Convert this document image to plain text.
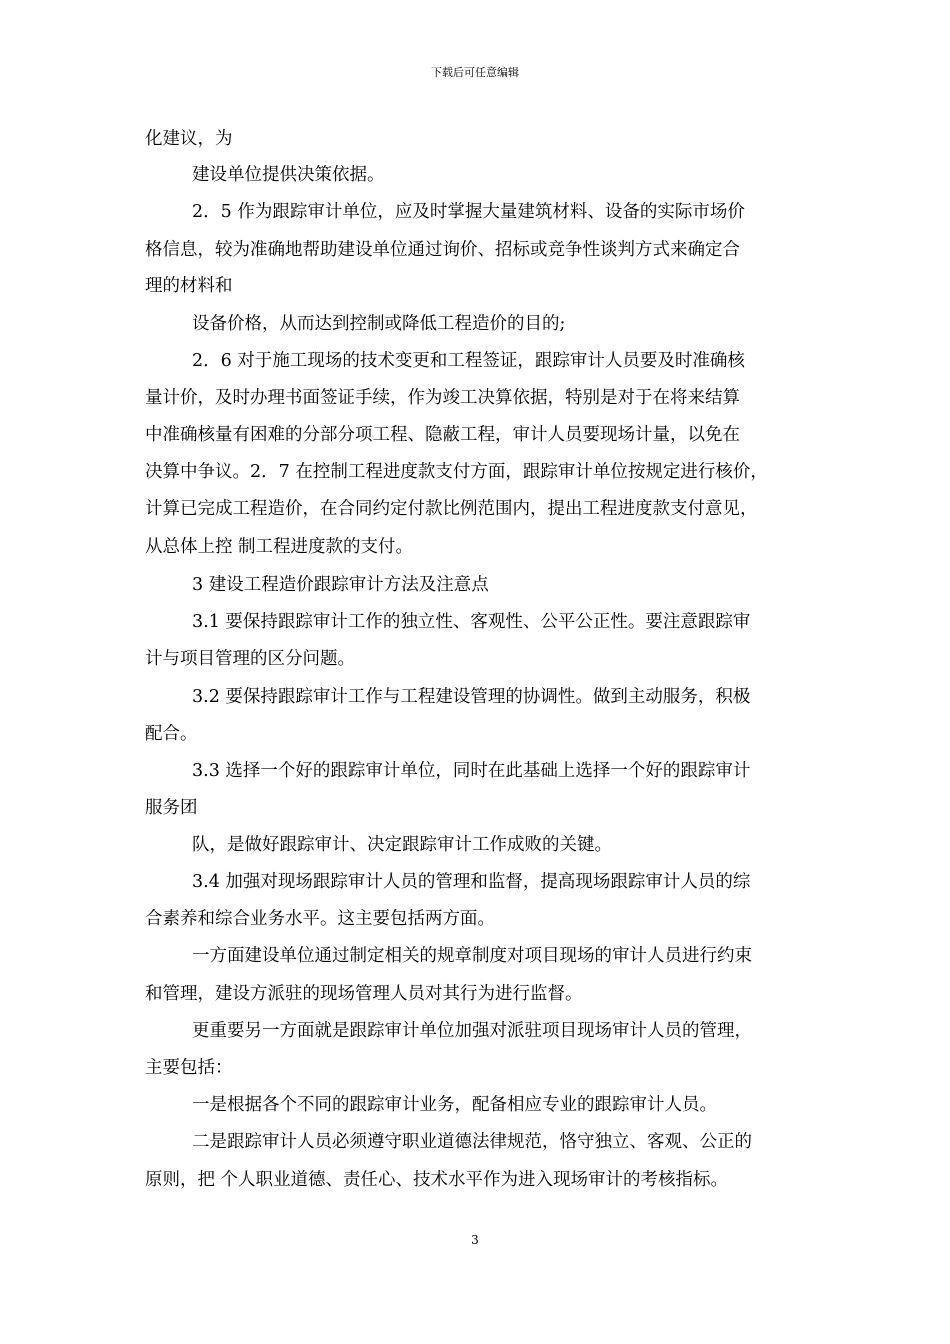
下载后可任意编辑
化建议，为
建设单位提供决策依据。
2．5 作为跟踪审计单位，应及时掌握大量建筑材料、设备的实际市场价
格信息，较为准确地帮助建设单位通过询价、招标或竞争性谈判方式来确定合
理的材料和
设备价格，从而达到控制或降低工程造价的目的;
2．6 对于施工现场的技术变更和工程签证，跟踪审计人员要及时准确核
量计价，及时办理书面签证手续，作为竣工决算依据，特别是对于在将来结算
中准确核量有困难的分部分项工程、隐蔽工程，审计人员要现场计量，以免在
决算中争议。2．7 在控制工程进度款支付方面，跟踪审计单位按规定进行核价，
计算已完成工程造价，在合同约定付款比例范围内，提出工程进度款支付意见，
从总体上控 制工程进度款的支付。
3 建设工程造价跟踪审计方法及注意点
3.1 要保持跟踪审计工作的独立性、客观性、公平公正性。要注意跟踪审
计与项目管理的区分问题。
3.2 要保持跟踪审计工作与工程建设管理的协调性。做到主动服务，积极
配合。
3.3 选择一个好的跟踪审计单位，同时在此基础上选择一个好的跟踪审计
服务团
队，是做好跟踪审计、决定跟踪审计工作成败的关键。
3.4 加强对现场跟踪审计人员的管理和监督，提高现场跟踪审计人员的综
合素养和综合业务水平。这主要包括两方面。
一方面建设单位通过制定相关的规章制度对项目现场的审计人员进行约束
和管理，建设方派驻的现场管理人员对其行为进行监督。
更重要另一方面就是跟踪审计单位加强对派驻项目现场审计人员的管理，
主要包括：
一是根据各个不同的跟踪审计业务，配备相应专业的跟踪审计人员。
二是跟踪审计人员必须遵守职业道德法律规范，恪守独立、客观、公正的
原则，把 个人职业道德、责任心、技术水平作为进入现场审计的考核指标。
3
